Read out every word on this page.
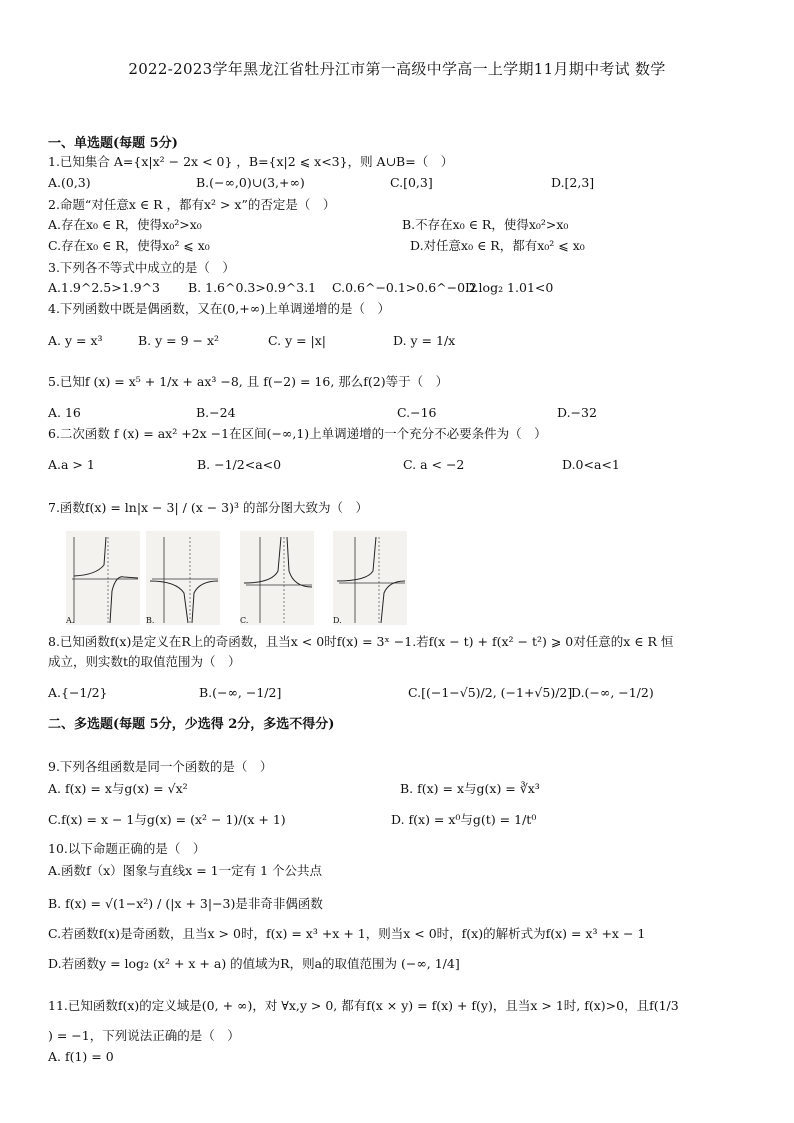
2022-2023学年黑龙江省牡丹江市第一高级中学高一上学期11月期中考试 数学
一、单选题(每题 5分)
1.已知集合 A={x|x² − 2x < 0} ，B={x|2 ⩽ x<3}，则 A∪B=（　）
A.(0,3)	B.(−∞,0)∪(3,+∞)	C.[0,3]	D.[2,3]
2.命题“对任意x ∈ R ，都有x² > x”的否定是（　）
A.存在x₀ ∈ R，使得x₀²>x₀	B.不存在x₀ ∈ R，使得x₀²>x₀
C.存在x₀ ∈ R，使得x₀² ⩽ x₀	D.对任意x₀ ∈ R，都有x₀² ⩽ x₀
3.下列各不等式中成立的是（　）
A.1.9^2.5>1.9^3 B. 1.6^0.3>0.9^3.1 C.0.6^−0.1>0.6^−0.2
D.log₂ 1.01<0
4.下列函数中既是偶函数，又在(0,+∞)上单调递增的是（　）
A. y = x³	B. y = 9 − x²	C. y = |x|	D. y = 1/x
5.已知f (x) = x⁵ + 1/x + ax³ −8, 且 f(−2) = 16, 那么f(2)等于（　）
A. 16	B.−24	C.−16	D.−32
6.二次函数 f (x) = ax² +2x −1在区间(−∞,1)上单调递增的一个充分不必要条件为（　）
A.a > 1	B. −1/2<a<0	C. a < −2	D.0<a<1
7.函数f(x) = ln|x − 3| / (x − 3)³ 的部分图大致为（　）
A.	B.	C.	D.
8.已知函数f(x)是定义在R上的奇函数，且当x < 0时f(x) = 3ˣ −1.若f(x − t) + f(x² − t²) ⩾ 0对任意的x ∈ R 恒
成立，则实数t的取值范围为（　）
A.{−1/2}	B.(−∞, −1/2]	C.[(−1−√5)/2, (−1+√5)/2]
D.(−∞, −1/2)
二、多选题(每题 5分，少选得 2分，多选不得分)
9.下列各组函数是同一个函数的是（　）
A. f(x) = x与g(x) = √x²	B. f(x) = x与g(x) = ∛x³
C.f(x) = x − 1与g(x) = (x² − 1)/(x + 1)	D. f(x) = x⁰与g(t) = 1/t⁰
10.以下命题正确的是（　）
A.函数f（x）图象与直线x = 1一定有 1 个公共点
B. f(x) = √(1−x²) / (|x + 3|−3)是非奇非偶函数
C.若函数f(x)是奇函数，且当x > 0时，f(x) = x³ +x + 1，则当x < 0时，f(x)的解析式为f(x) = x³ +x − 1
D.若函数y = log₂ (x² + x + a) 的值域为R，则a的取值范围为 (−∞, 1/4]
11.已知函数f(x)的定义域是(0, + ∞)，对 ∀x,y > 0, 都有f(x × y) = f(x) + f(y)，且当x > 1时, f(x)>0，且f(1/3
) = −1，下列说法正确的是（　）
A. f(1) = 0
